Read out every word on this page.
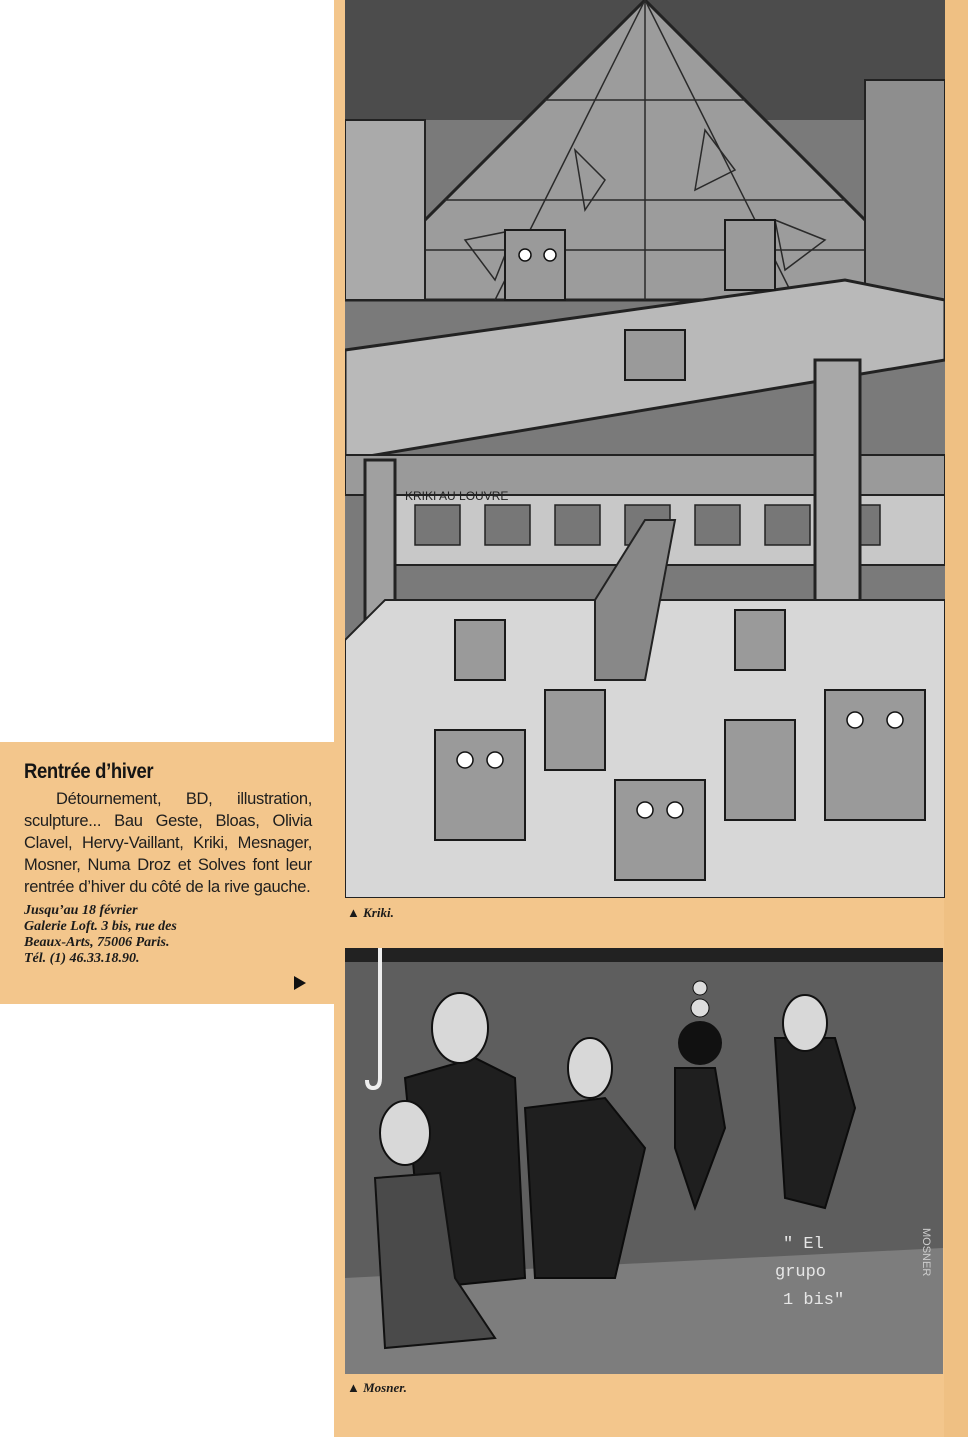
KRIKI AU LOUVRE
▲ Kriki.
" El
grupo
1 bis"
MOSNER
▲ Mosner.
Rentrée d’hiver

Détournement, BD, illustration, sculpture... Bau Geste, Bloas, Olivia Clavel, Hervy-Vaillant, Kriki, Mesnager, Mosner, Numa Droz et Solves font leur rentrée d’hiver du côté de la rive gauche.

Jusqu’au 18 février
Galerie Loft. 3 bis, rue des
Beaux-Arts, 75006 Paris.
Tél. (1) 46.33.18.90.
